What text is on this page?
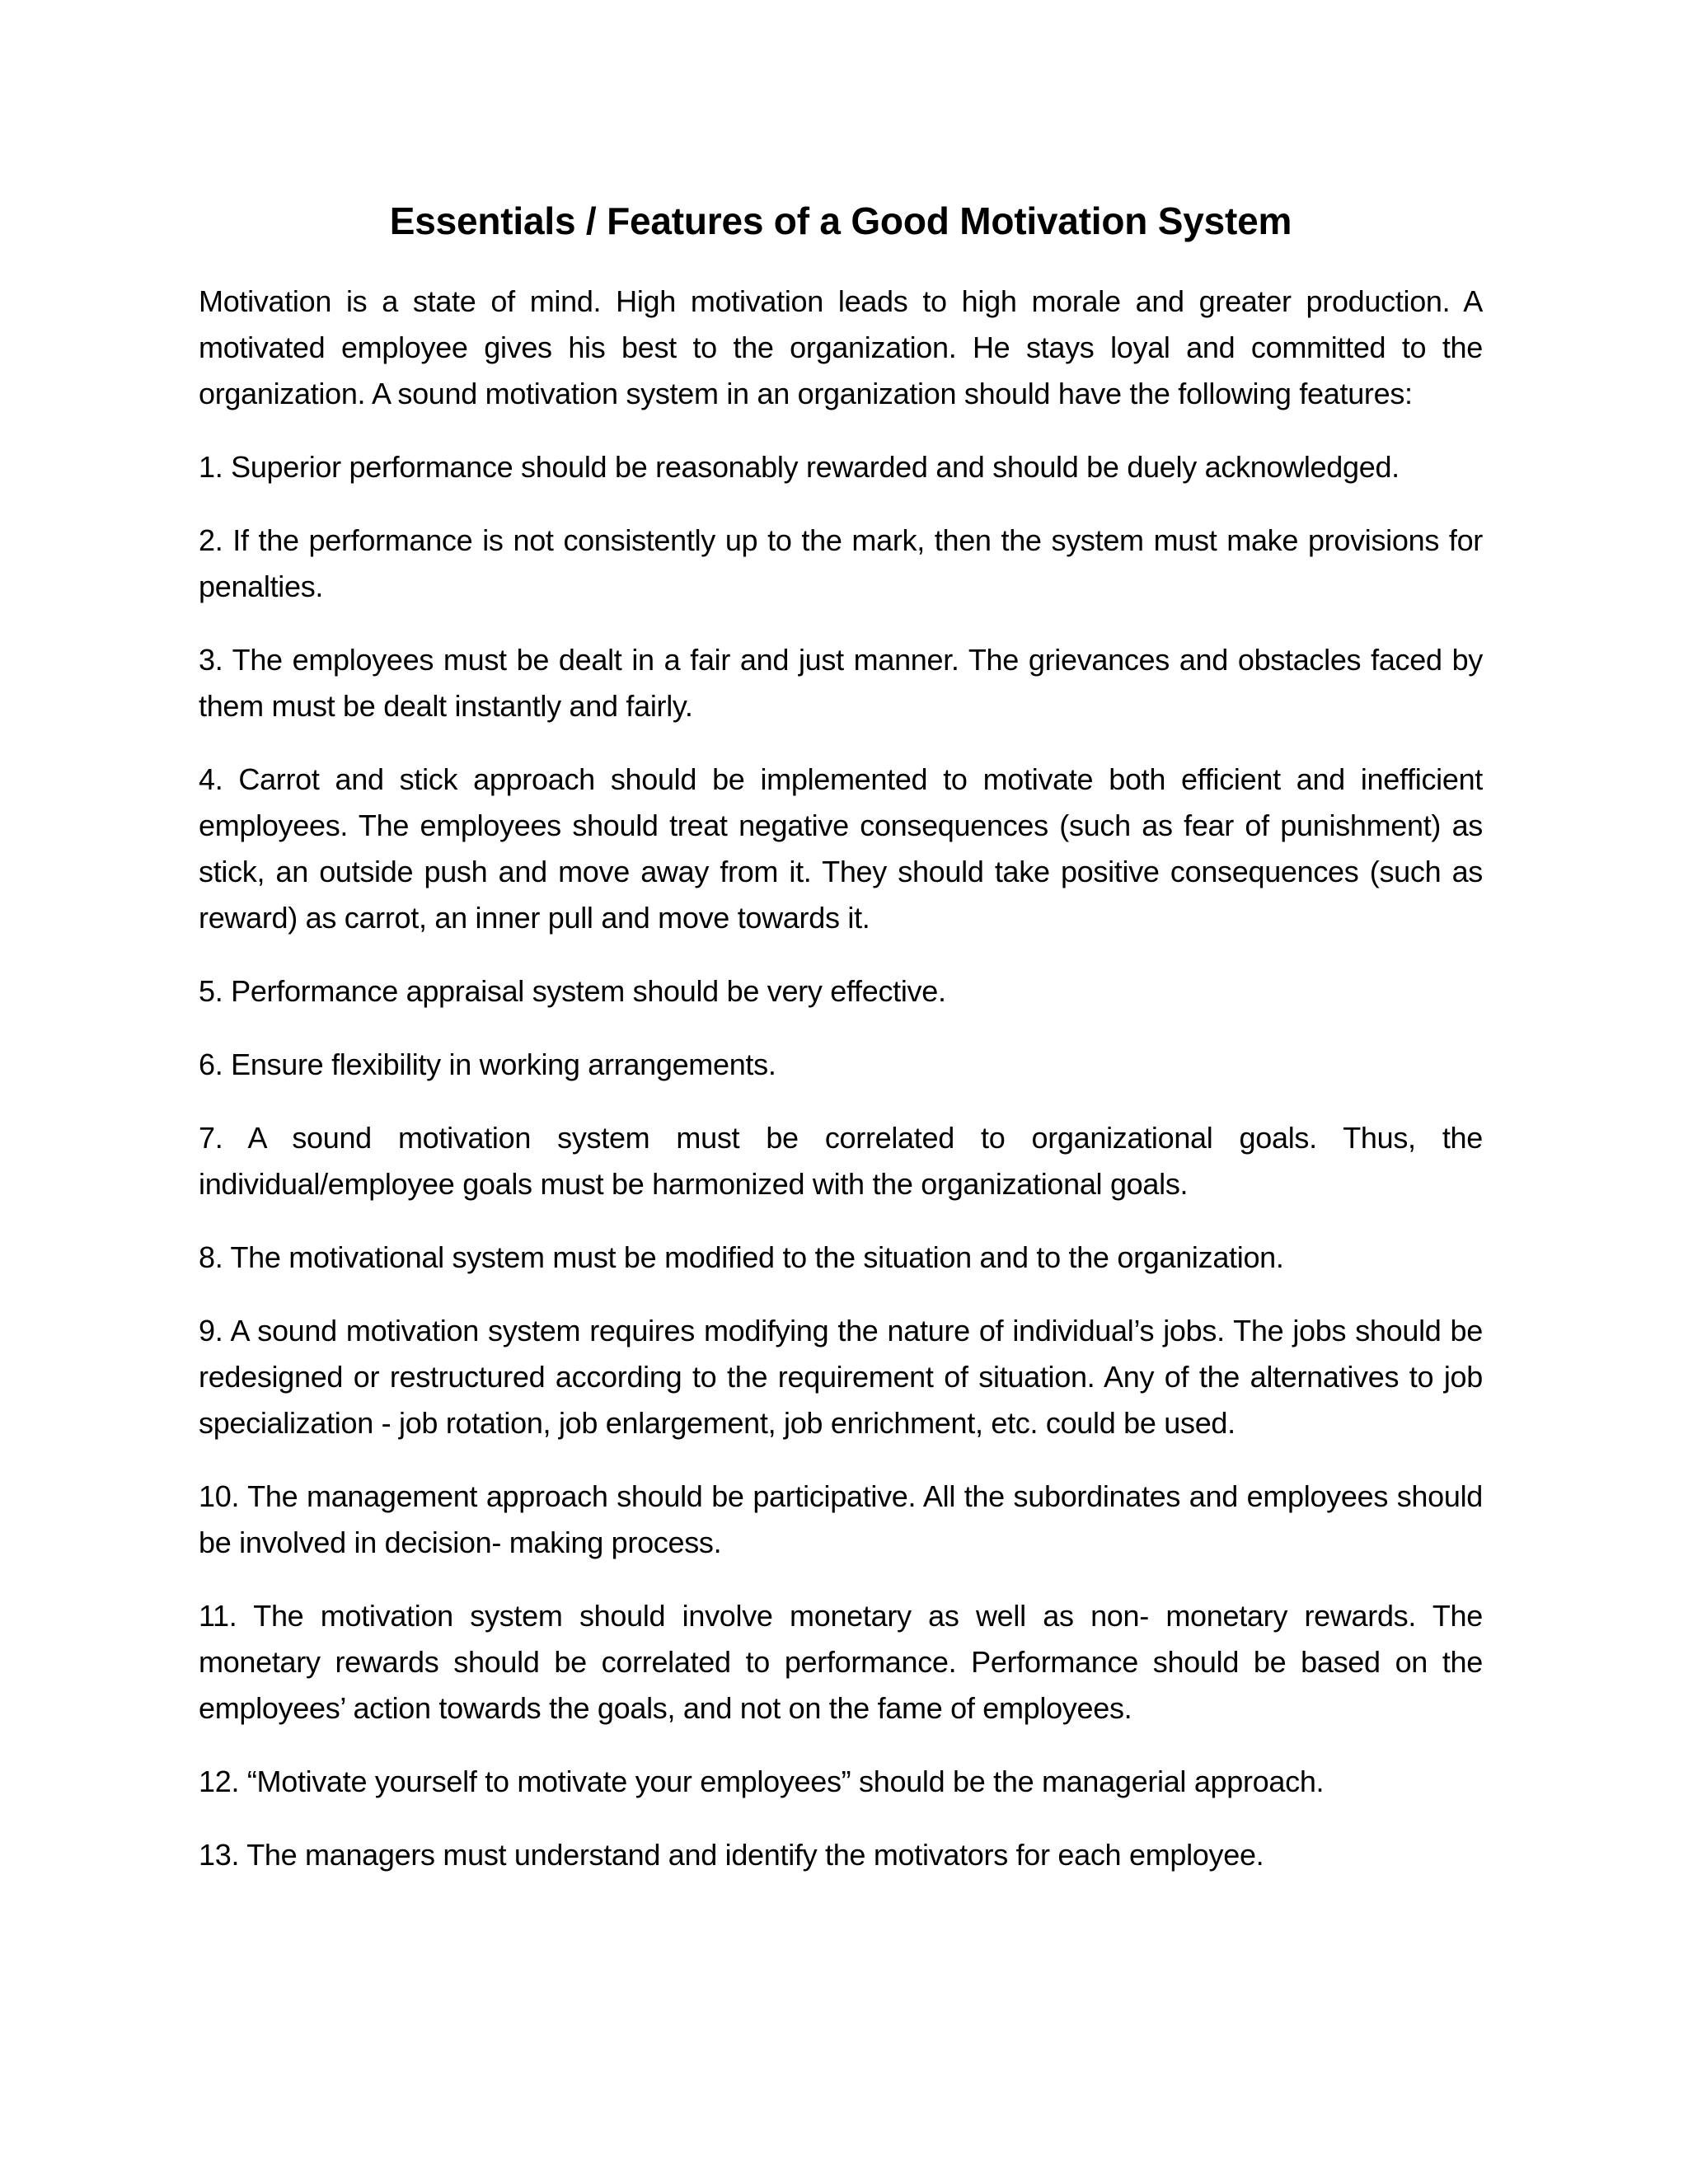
Essentials / Features of a Good Motivation System

Motivation is a state of mind. High motivation leads to high morale and greater production. A motivated employee gives his best to the organization. He stays loyal and committed to the organization. A sound motivation system in an organization should have the following features:

1. Superior performance should be reasonably rewarded and should be duely acknowledged.

2. If the performance is not consistently up to the mark, then the system must make provisions for penalties.

3. The employees must be dealt in a fair and just manner. The grievances and obstacles faced by them must be dealt instantly and fairly.

4. Carrot and stick approach should be implemented to motivate both efficient and inefficient employees. The employees should treat negative consequences (such as fear of punishment) as stick, an outside push and move away from it. They should take positive consequences (such as reward) as carrot, an inner pull and move towards it.

5. Performance appraisal system should be very effective.

6. Ensure flexibility in working arrangements.

7. A sound motivation system must be correlated to organizational goals. Thus, the individual/employee goals must be harmonized with the organizational goals.

8. The motivational system must be modified to the situation and to the organization.

9. A sound motivation system requires modifying the nature of individual’s jobs. The jobs should be redesigned or restructured according to the requirement of situation. Any of the alternatives to job specialization - job rotation, job enlargement, job enrichment, etc. could be used.

10. The management approach should be participative. All the subordinates and employees should be involved in decision- making process.

11. The motivation system should involve monetary as well as non- monetary rewards. The monetary rewards should be correlated to performance. Performance should be based on the employees’ action towards the goals, and not on the fame of employees.

12. “Motivate yourself to motivate your employees” should be the managerial approach.

13. The managers must understand and identify the motivators for each employee.
